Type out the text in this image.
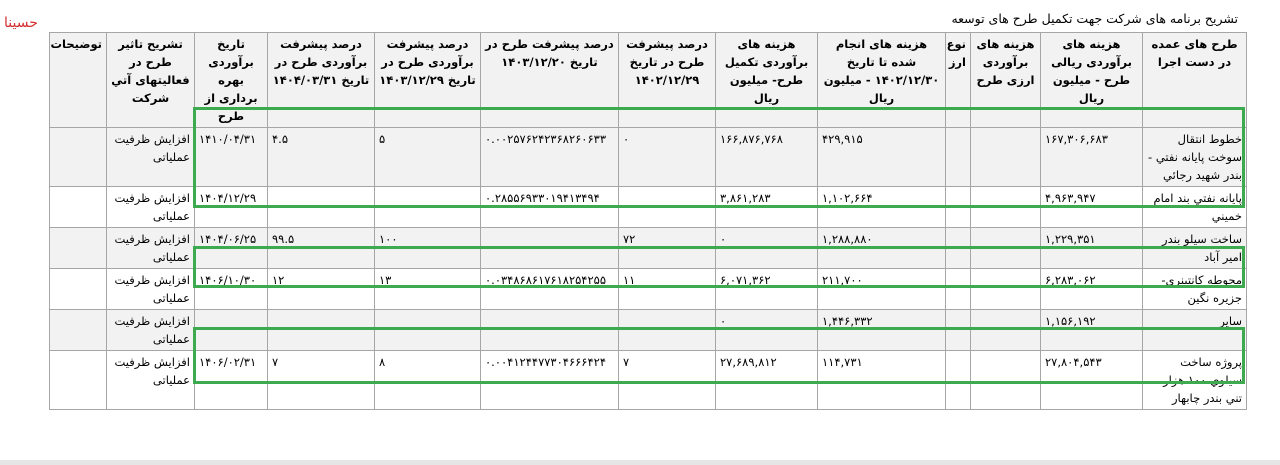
تشریح برنامه های شرکت جهت تکمیل طرح های توسعه
حسینا
طرح های عمده در دست اجرا	هزینه های برآوردی ریالی طرح - میلیون ریال	هزینه های برآوردی ارزی طرح	نوع ارز	هزینه های انجام شده تا تاریخ ۱۴۰۲/۱۲/۳۰ - میلیون ریال	هزینه های برآوردی تکمیل طرح- میلیون ریال	درصد پیشرفت طرح در تاریخ ۱۴۰۲/۱۲/۲۹	درصد پیشرفت طرح در تاریخ ۱۴۰۳/۱۲/۲۰	درصد پیشرفت برآوردی طرح در تاریخ ۱۴۰۳/۱۲/۲۹	درصد پیشرفت برآوردی طرح در تاریخ ۱۴۰۴/۰۳/۳۱	تاریخ برآوردی بهره برداری از طرح	تشریح تاثیر طرح در فعالیتهای آتي شرکت	توضیحات
خطوط انتقال سوخت پایانه نفتي - بندر شهید رجائي	۱۶۷,۳۰۶,۶۸۳			۴۲۹,۹۱۵	۱۶۶,۸۷۶,۷۶۸	۰	۰.۰۰۲۵۷۶۲۴۲۳۶۸۲۶۰۶۳۳	۵	۴.۵	۱۴۱۰/۰۴/۳۱	افزایش ظرفیت عملیاتی	
پایانه نفتي بند امام خمیني	۴,۹۶۳,۹۴۷			۱,۱۰۲,۶۶۴	۳,۸۶۱,۲۸۳		۰.۲۸۵۵۶۹۳۳۰۱۹۴۱۳۴۹۴			۱۴۰۴/۱۲/۲۹	افزایش ظرفیت عملیاتی	
ساخت سیلو بندر امیر آباد	۱,۲۲۹,۳۵۱			۱,۲۸۸,۸۸۰	۰	۷۲		۱۰۰	۹۹.۵	۱۴۰۴/۰۶/۲۵	افزایش ظرفیت عملیاتی	
محوطه کانتینري- جزیره نگین	۶,۲۸۳,۰۶۲			۲۱۱,۷۰۰	۶,۰۷۱,۳۶۲	۱۱	۰.۰۳۴۸۶۸۶۱۷۶۱۸۲۵۴۲۵۵	۱۳	۱۲	۱۴۰۶/۱۰/۳۰	افزایش ظرفیت عملیاتی	
سایر	۱,۱۵۶,۱۹۲			۱,۴۴۶,۳۳۲	۰						افزایش ظرفیت عملیاتی	
پروژه ساخت سیلوي ۱۰۰ هزار تني بندر چابهار	۲۷,۸۰۴,۵۴۳			۱۱۴,۷۳۱	۲۷,۶۸۹,۸۱۲	۷	۰.۰۰۴۱۲۴۴۷۷۳۰۴۶۶۶۴۲۴	۸	۷	۱۴۰۶/۰۲/۳۱	افزایش ظرفیت عملیاتی	
